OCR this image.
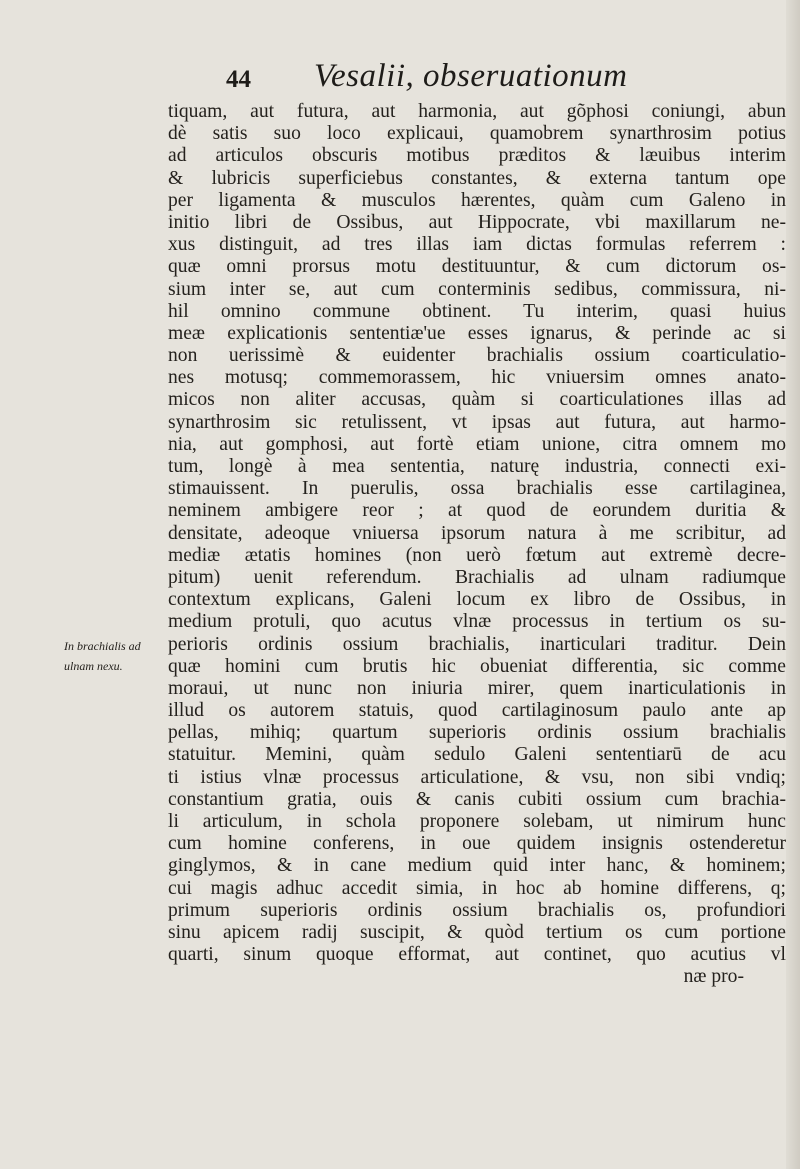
44 Vesalii, obseruationum
In brachialis ad
ulnam nexu.
tiquam, aut futura, aut harmonia, aut gõphosi coniungi, abun
dè satis suo loco explicaui, quamobrem synarthrosim potius
ad articulos obscuris motibus præditos & læuibus interim
& lubricis superficiebus constantes, & externa tantum ope
per ligamenta & musculos hærentes, quàm cum Galeno in
initio libri de Ossibus, aut Hippocrate, vbi maxillarum ne-
xus distinguit, ad tres illas iam dictas formulas referrem :
quæ omni prorsus motu destituuntur, & cum dictorum os-
sium inter se, aut cum conterminis sedibus, commissura, ni-
hil omnino commune obtinent. Tu interim, quasi huius
meæ explicationis sententiæ'ue esses ignarus, & perinde ac si
non uerissimè & euidenter brachialis ossium coarticulatio-
nes motusq; commemorassem, hic vniuersim omnes anato-
micos non aliter accusas, quàm si coarticulationes illas ad
synarthrosim sic retulissent, vt ipsas aut futura, aut harmo-
nia, aut gomphosi, aut fortè etiam unione, citra omnem mo
tum, longè à mea sententia, naturę industria, connecti exi-
stimauissent. In puerulis, ossa brachialis esse cartilaginea,
neminem ambigere reor ; at quod de eorundem duritia &
densitate, adeoque vniuersa ipsorum natura à me scribitur, ad
mediæ ætatis homines (non uerò fœtum aut extremè decre-
pitum) uenit referendum. Brachialis ad ulnam radiumque
contextum explicans, Galeni locum ex libro de Ossibus, in
medium protuli, quo acutus vlnæ processus in tertium os su-
perioris ordinis ossium brachialis, inarticulari traditur. Dein
quæ homini cum brutis hic obueniat differentia, sic comme
moraui, ut nunc non iniuria mirer, quem inarticulationis in
illud os autorem statuis, quod cartilaginosum paulo ante ap
pellas, mihiq; quartum superioris ordinis ossium brachialis
statuitur. Memini, quàm sedulo Galeni sententiarū de acu
ti istius vlnæ processus articulatione, & vsu, non sibi vndiq;
constantium gratia, ouis & canis cubiti ossium cum brachia-
li articulum, in schola proponere solebam, ut nimirum hunc
cum homine conferens, in oue quidem insignis ostenderetur
ginglymos, & in cane medium quid inter hanc, & hominem;
cui magis adhuc accedit simia, in hoc ab homine differens, q;
primum superioris ordinis ossium brachialis os, profundiori
sinu apicem radij suscipit, & quòd tertium os cum portione
quarti, sinum quoque efformat, aut continet, quo acutius vl
næ pro-
